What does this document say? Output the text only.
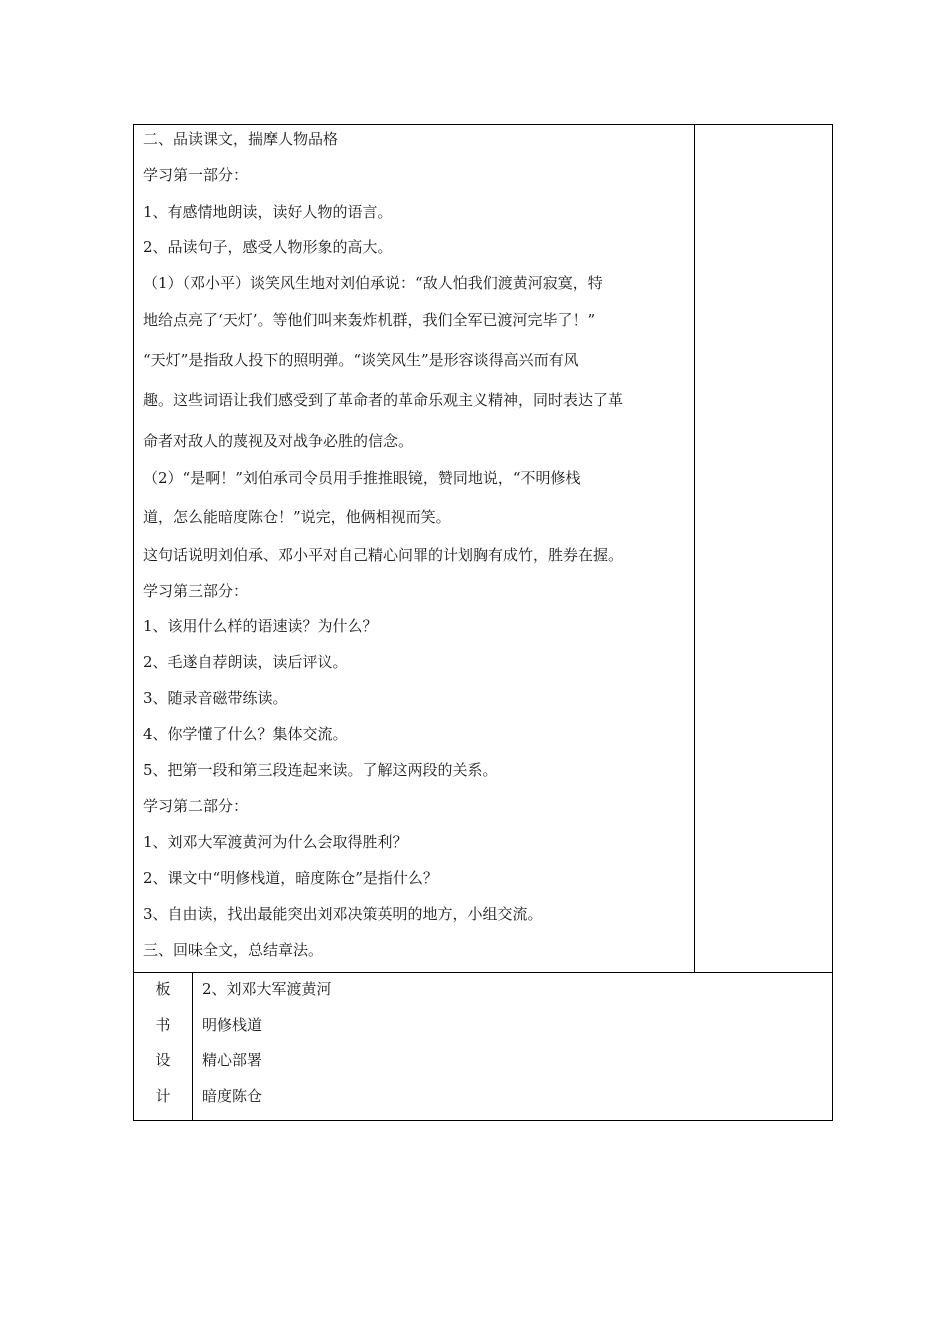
二、品读课文，揣摩人物品格
学习第一部分：
1、有感情地朗读，读好人物的语言。
2、品读句子，感受人物形象的高大。
（1）（邓小平）谈笑风生地对刘伯承说：“敌人怕我们渡黄河寂寞，特
地给点亮了‘天灯’。等他们叫来轰炸机群，我们全军已渡河完毕了！”
“天灯”是指敌人投下的照明弹。“谈笑风生”是形容谈得高兴而有风
趣。这些词语让我们感受到了革命者的革命乐观主义精神，同时表达了革
命者对敌人的蔑视及对战争必胜的信念。
（2）“是啊！”刘伯承司令员用手推推眼镜，赞同地说，“不明修栈
道，怎么能暗度陈仓！”说完，他俩相视而笑。
这句话说明刘伯承、邓小平对自己精心问罪的计划胸有成竹，胜券在握。
学习第三部分：
1、该用什么样的语速读？为什么？
2、毛遂自荐朗读，读后评议。
3、随录音磁带练读。
4、你学懂了什么？集体交流。
5、把第一段和第三段连起来读。了解这两段的关系。
学习第二部分：
1、刘邓大军渡黄河为什么会取得胜利？
2、课文中“明修栈道，暗度陈仓”是指什么？
3、自由读，找出最能突出刘邓决策英明的地方，小组交流。
三、回味全文，总结章法。
板
书
设
计
2、刘邓大军渡黄河
明修栈道
精心部署
暗度陈仓
